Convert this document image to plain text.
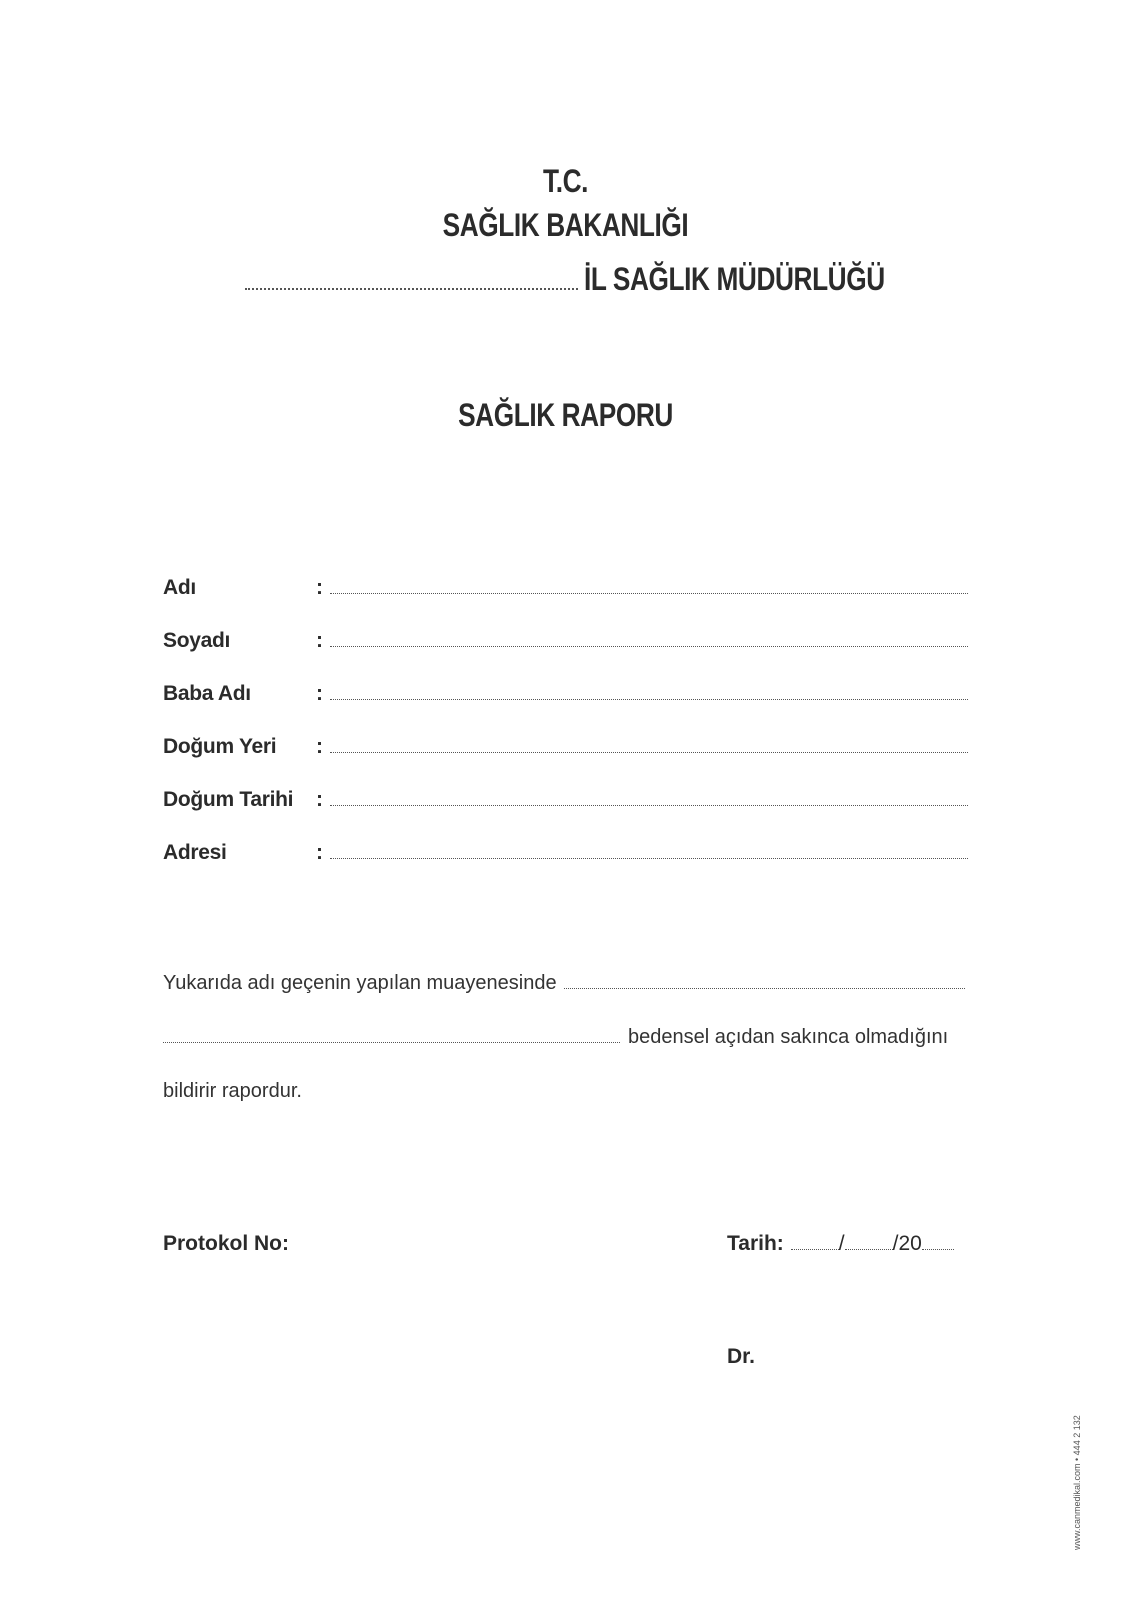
T.C.
SAĞLIK BAKANLIĞI
İL SAĞLIK MÜDÜRLÜĞÜ
SAĞLIK RAPORU
Adı	:
Soyadı	:
Baba Adı	:
Doğum Yeri	:
Doğum Tarihi	:
Adresi	:
Yukarıda adı geçenin yapılan muayenesinde
bedensel açıdan sakınca olmadığını
bildirir rapordur.
Protokol No:	Tarih:	/ /20
Dr.
www.canmedikal.com • 444 2 132
